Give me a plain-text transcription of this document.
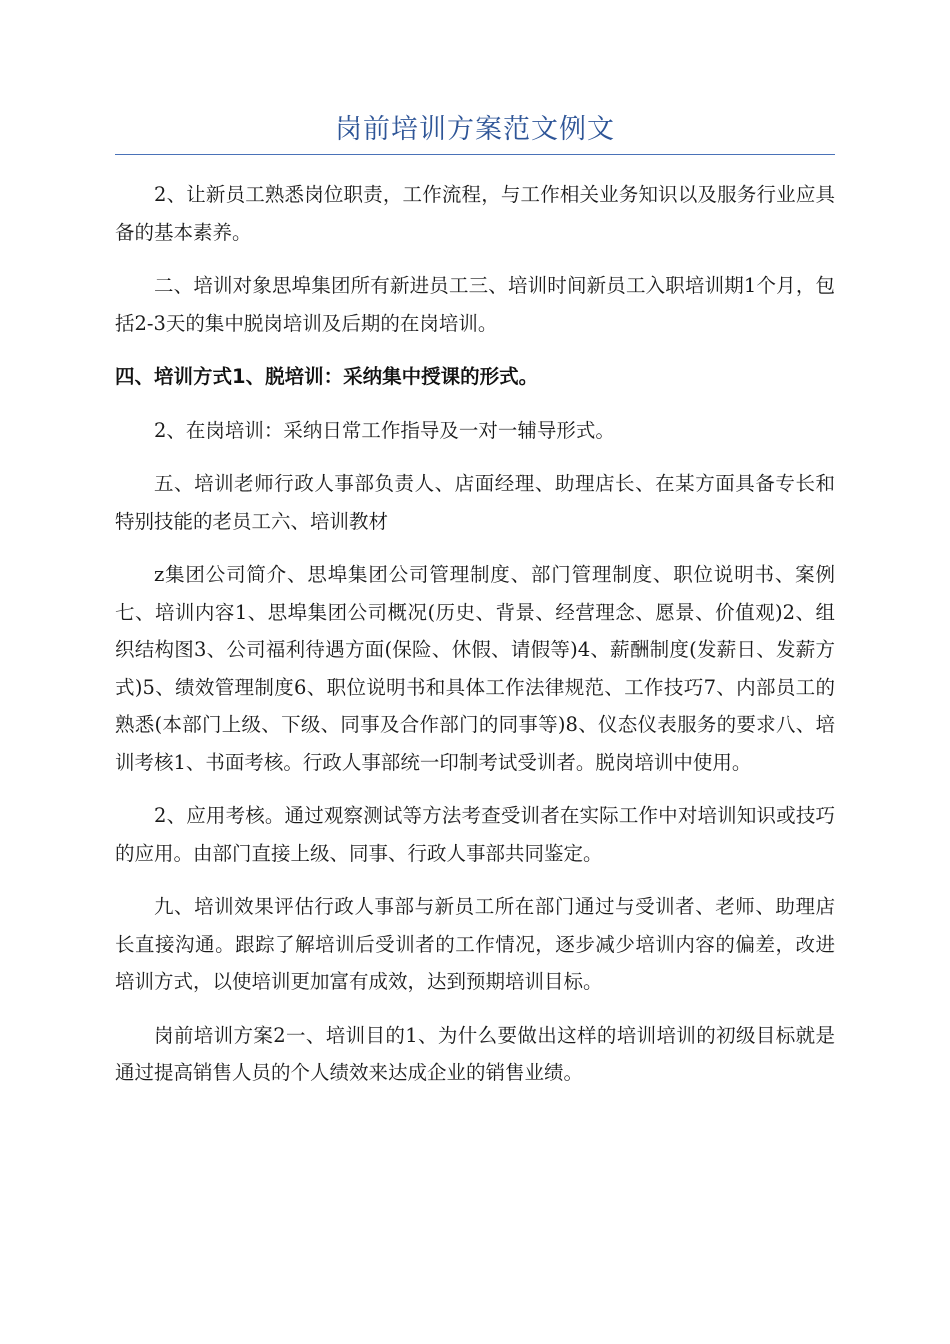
岗前培训方案范文例文

2、让新员工熟悉岗位职责，工作流程，与工作相关业务知识以及服务行业应具备的基本素养。

二、培训对象思埠集团所有新进员工三、培训时间新员工入职培训期1个月，包括2-3天的集中脱岗培训及后期的在岗培训。

四、培训方式1、脱培训：采纳集中授课的形式。

2、在岗培训：采纳日常工作指导及一对一辅导形式。

五、培训老师行政人事部负责人、店面经理、助理店长、在某方面具备专长和特别技能的老员工六、培训教材

z集团公司简介、思埠集团公司管理制度、部门管理制度、职位说明书、案例七、培训内容1、思埠集团公司概况(历史、背景、经营理念、愿景、价值观)2、组织结构图3、公司福利待遇方面(保险、休假、请假等)4、薪酬制度(发薪日、发薪方式)5、绩效管理制度6、职位说明书和具体工作法律规范、工作技巧7、内部员工的熟悉(本部门上级、下级、同事及合作部门的同事等)8、仪态仪表服务的要求八、培训考核1、书面考核。行政人事部统一印制考试受训者。脱岗培训中使用。

2、应用考核。通过观察测试等方法考查受训者在实际工作中对培训知识或技巧的应用。由部门直接上级、同事、行政人事部共同鉴定。

九、培训效果评估行政人事部与新员工所在部门通过与受训者、老师、助理店长直接沟通。跟踪了解培训后受训者的工作情况，逐步减少培训内容的偏差，改进培训方式，以使培训更加富有成效，达到预期培训目标。

岗前培训方案2一、培训目的1、为什么要做出这样的培训培训的初级目标就是通过提高销售人员的个人绩效来达成企业的销售业绩。
